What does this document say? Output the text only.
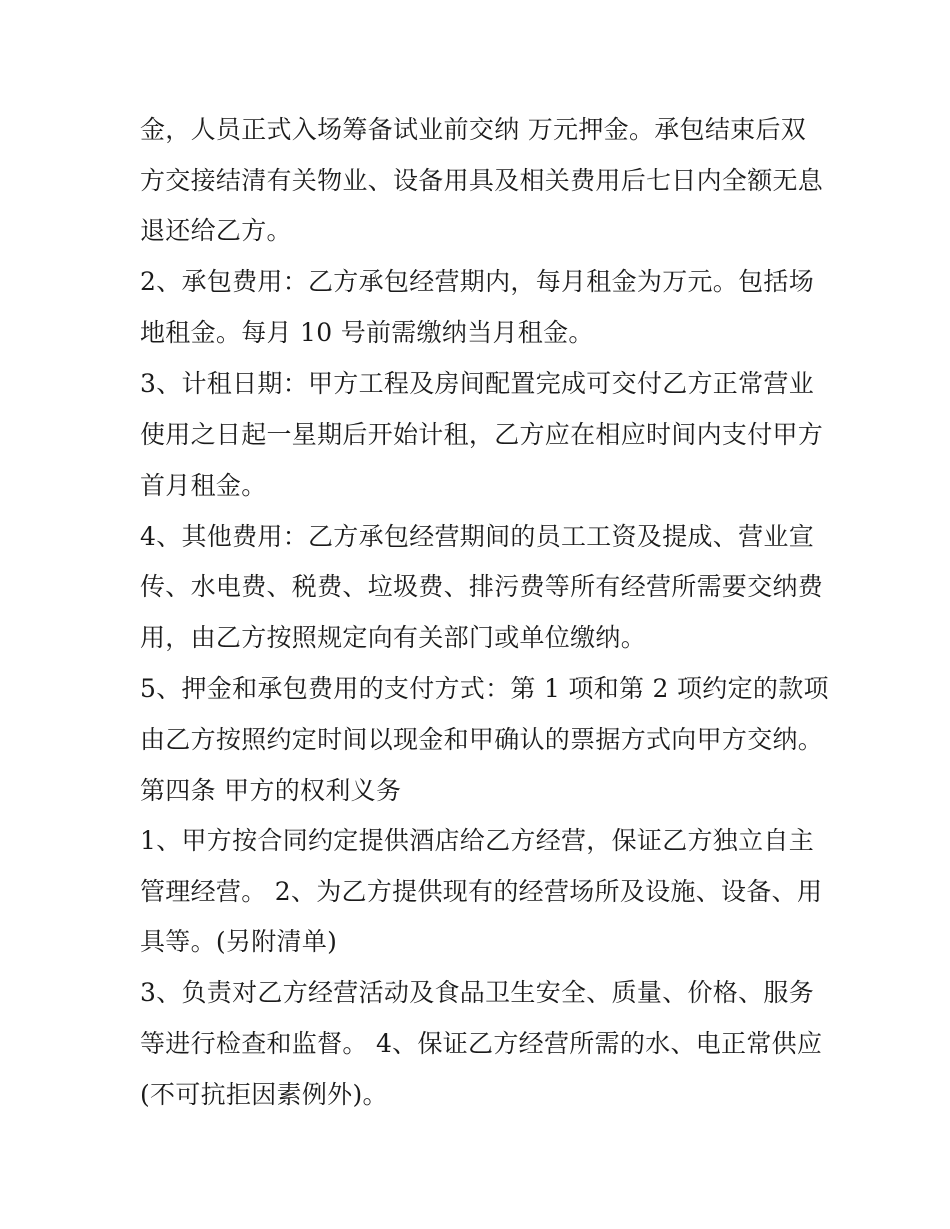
金，人员正式入场筹备试业前交纳 万元押金。承包结束后双
方交接结清有关物业、设备用具及相关费用后七日内全额无息
退还给乙方。
2、承包费用：乙方承包经营期内，每月租金为万元。包括场
地租金。每月 10 号前需缴纳当月租金。
3、计租日期：甲方工程及房间配置完成可交付乙方正常营业
使用之日起一星期后开始计租，乙方应在相应时间内支付甲方
首月租金。
4、其他费用：乙方承包经营期间的员工工资及提成、营业宣
传、水电费、税费、垃圾费、排污费等所有经营所需要交纳费
用，由乙方按照规定向有关部门或单位缴纳。
5、押金和承包费用的支付方式：第 1 项和第 2 项约定的款项
由乙方按照约定时间以现金和甲确认的票据方式向甲方交纳。
第四条 甲方的权利义务
1、甲方按合同约定提供酒店给乙方经营，保证乙方独立自主
管理经营。 2、为乙方提供现有的经营场所及设施、设备、用
具等。(另附清单)
3、负责对乙方经营活动及食品卫生安全、质量、价格、服务
等进行检查和监督。 4、保证乙方经营所需的水、电正常供应
(不可抗拒因素例外)。
